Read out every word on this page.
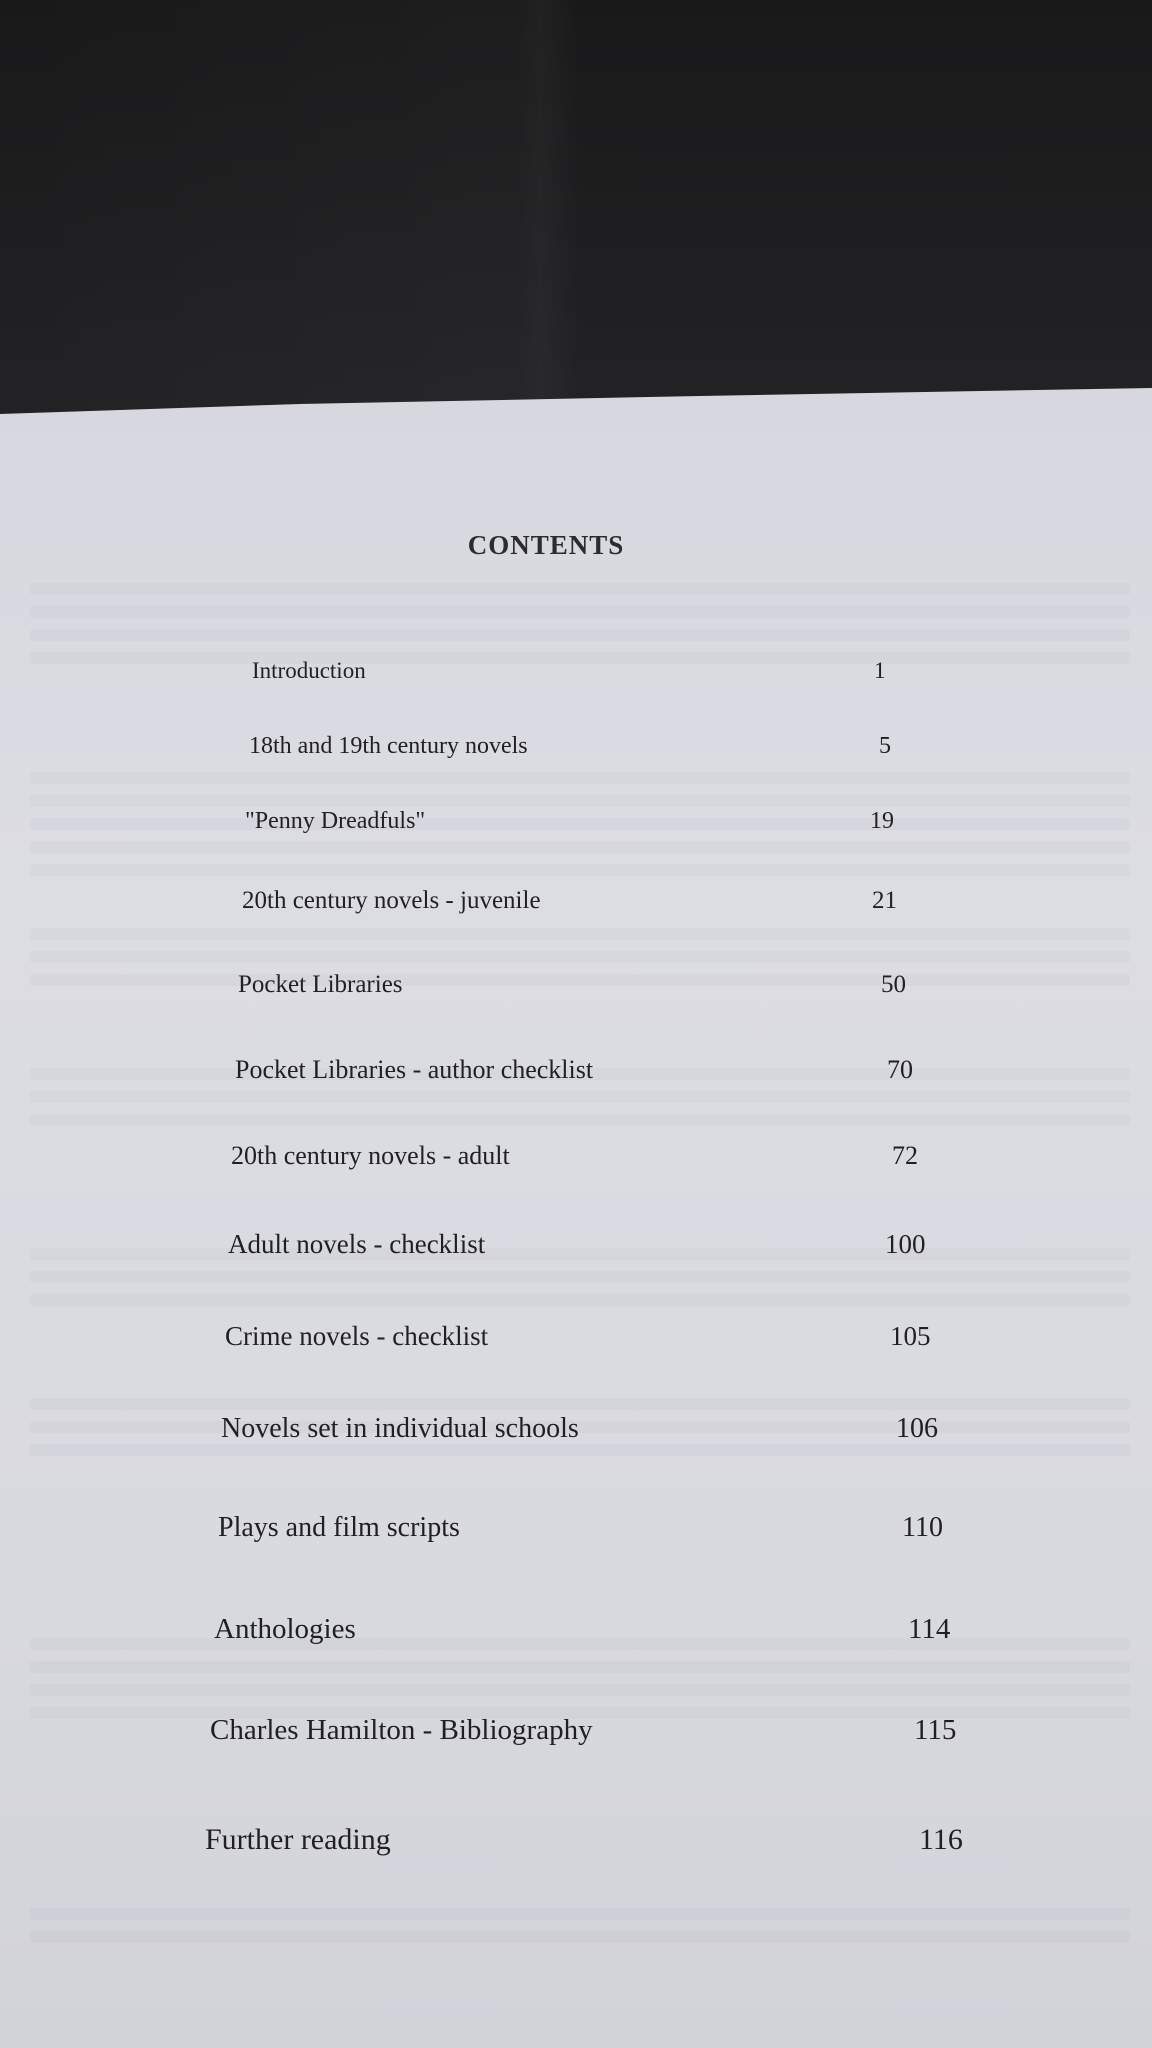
CONTENTS
Introduction	1
18th and 19th century novels	5
"Penny Dreadfuls"	19
20th century novels - juvenile	21
Pocket Libraries	50
Pocket Libraries - author checklist	70
20th century novels - adult	72
Adult novels - checklist	100
Crime novels - checklist	105
Novels set in individual schools	106
Plays and film scripts	110
Anthologies	114
Charles Hamilton - Bibliography	115
Further reading	116
